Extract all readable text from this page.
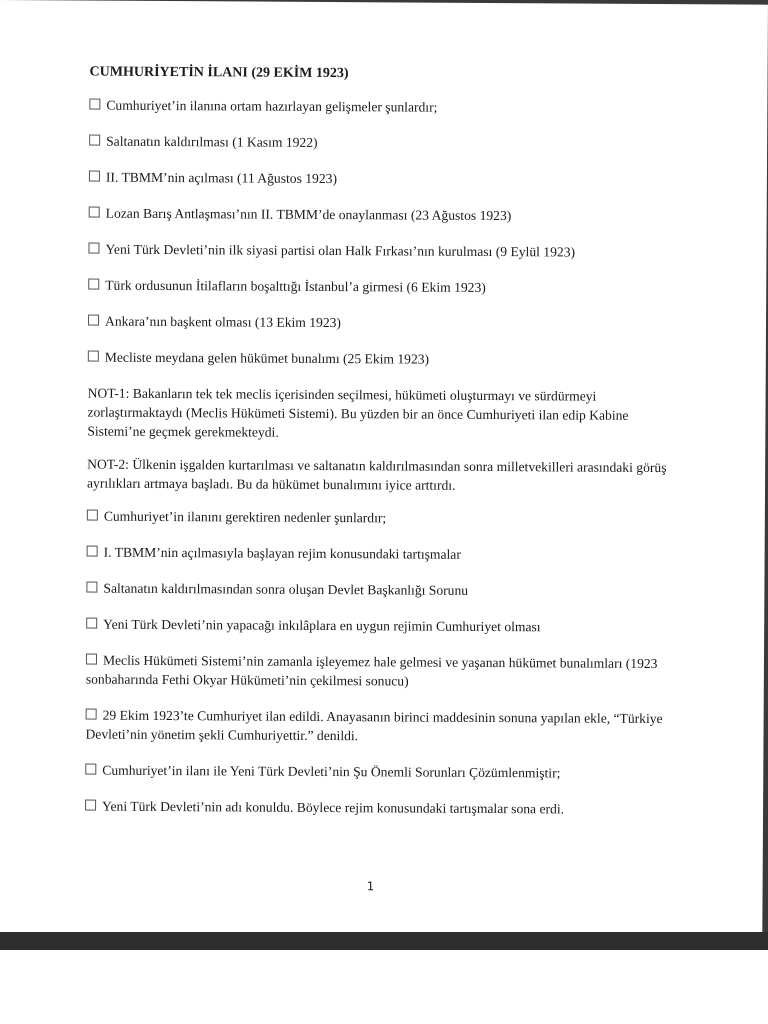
CUMHURİYETİN İLANI (29 EKİM 1923)
Cumhuriyet’in ilanına ortam hazırlayan gelişmeler şunlardır;
Saltanatın kaldırılması (1 Kasım 1922)
II. TBMM’nin açılması (11 Ağustos 1923)
Lozan Barış Antlaşması’nın II. TBMM’de onaylanması (23 Ağustos 1923)
Yeni Türk Devleti’nin ilk siyasi partisi olan Halk Fırkası’nın kurulması (9 Eylül 1923)
Türk ordusunun İtilafların boşalttığı İstanbul’a girmesi (6 Ekim 1923)
Ankara’nın başkent olması (13 Ekim 1923)
Mecliste meydana gelen hükümet bunalımı (25 Ekim 1923)
NOT-1: Bakanların tek tek meclis içerisinden seçilmesi, hükümeti oluşturmayı ve sürdürmeyi zorlaştırmaktaydı (Meclis Hükümeti Sistemi). Bu yüzden bir an önce Cumhuriyeti ilan edip Kabine Sistemi’ne geçmek gerekmekteydi.
NOT-2: Ülkenin işgalden kurtarılması ve saltanatın kaldırılmasından sonra milletvekilleri arasındaki görüş ayrılıkları artmaya başladı. Bu da hükümet bunalımını iyice arttırdı.
Cumhuriyet’in ilanını gerektiren nedenler şunlardır;
I. TBMM’nin açılmasıyla başlayan rejim konusundaki tartışmalar
Saltanatın kaldırılmasından sonra oluşan Devlet Başkanlığı Sorunu
Yeni Türk Devleti’nin yapacağı inkılâplara en uygun rejimin Cumhuriyet olması
Meclis Hükümeti Sistemi’nin zamanla işleyemez hale gelmesi ve yaşanan hükümet bunalımları (1923 sonbaharında Fethi Okyar Hükümeti’nin çekilmesi sonucu)
29 Ekim 1923’te Cumhuriyet ilan edildi. Anayasanın birinci maddesinin sonuna yapılan ekle, “Türkiye Devleti’nin yönetim şekli Cumhuriyettir.” denildi.
Cumhuriyet’in ilanı ile Yeni Türk Devleti’nin Şu Önemli Sorunları Çözümlenmiştir;
Yeni Türk Devleti’nin adı konuldu. Böylece rejim konusundaki tartışmalar sona erdi.
1
